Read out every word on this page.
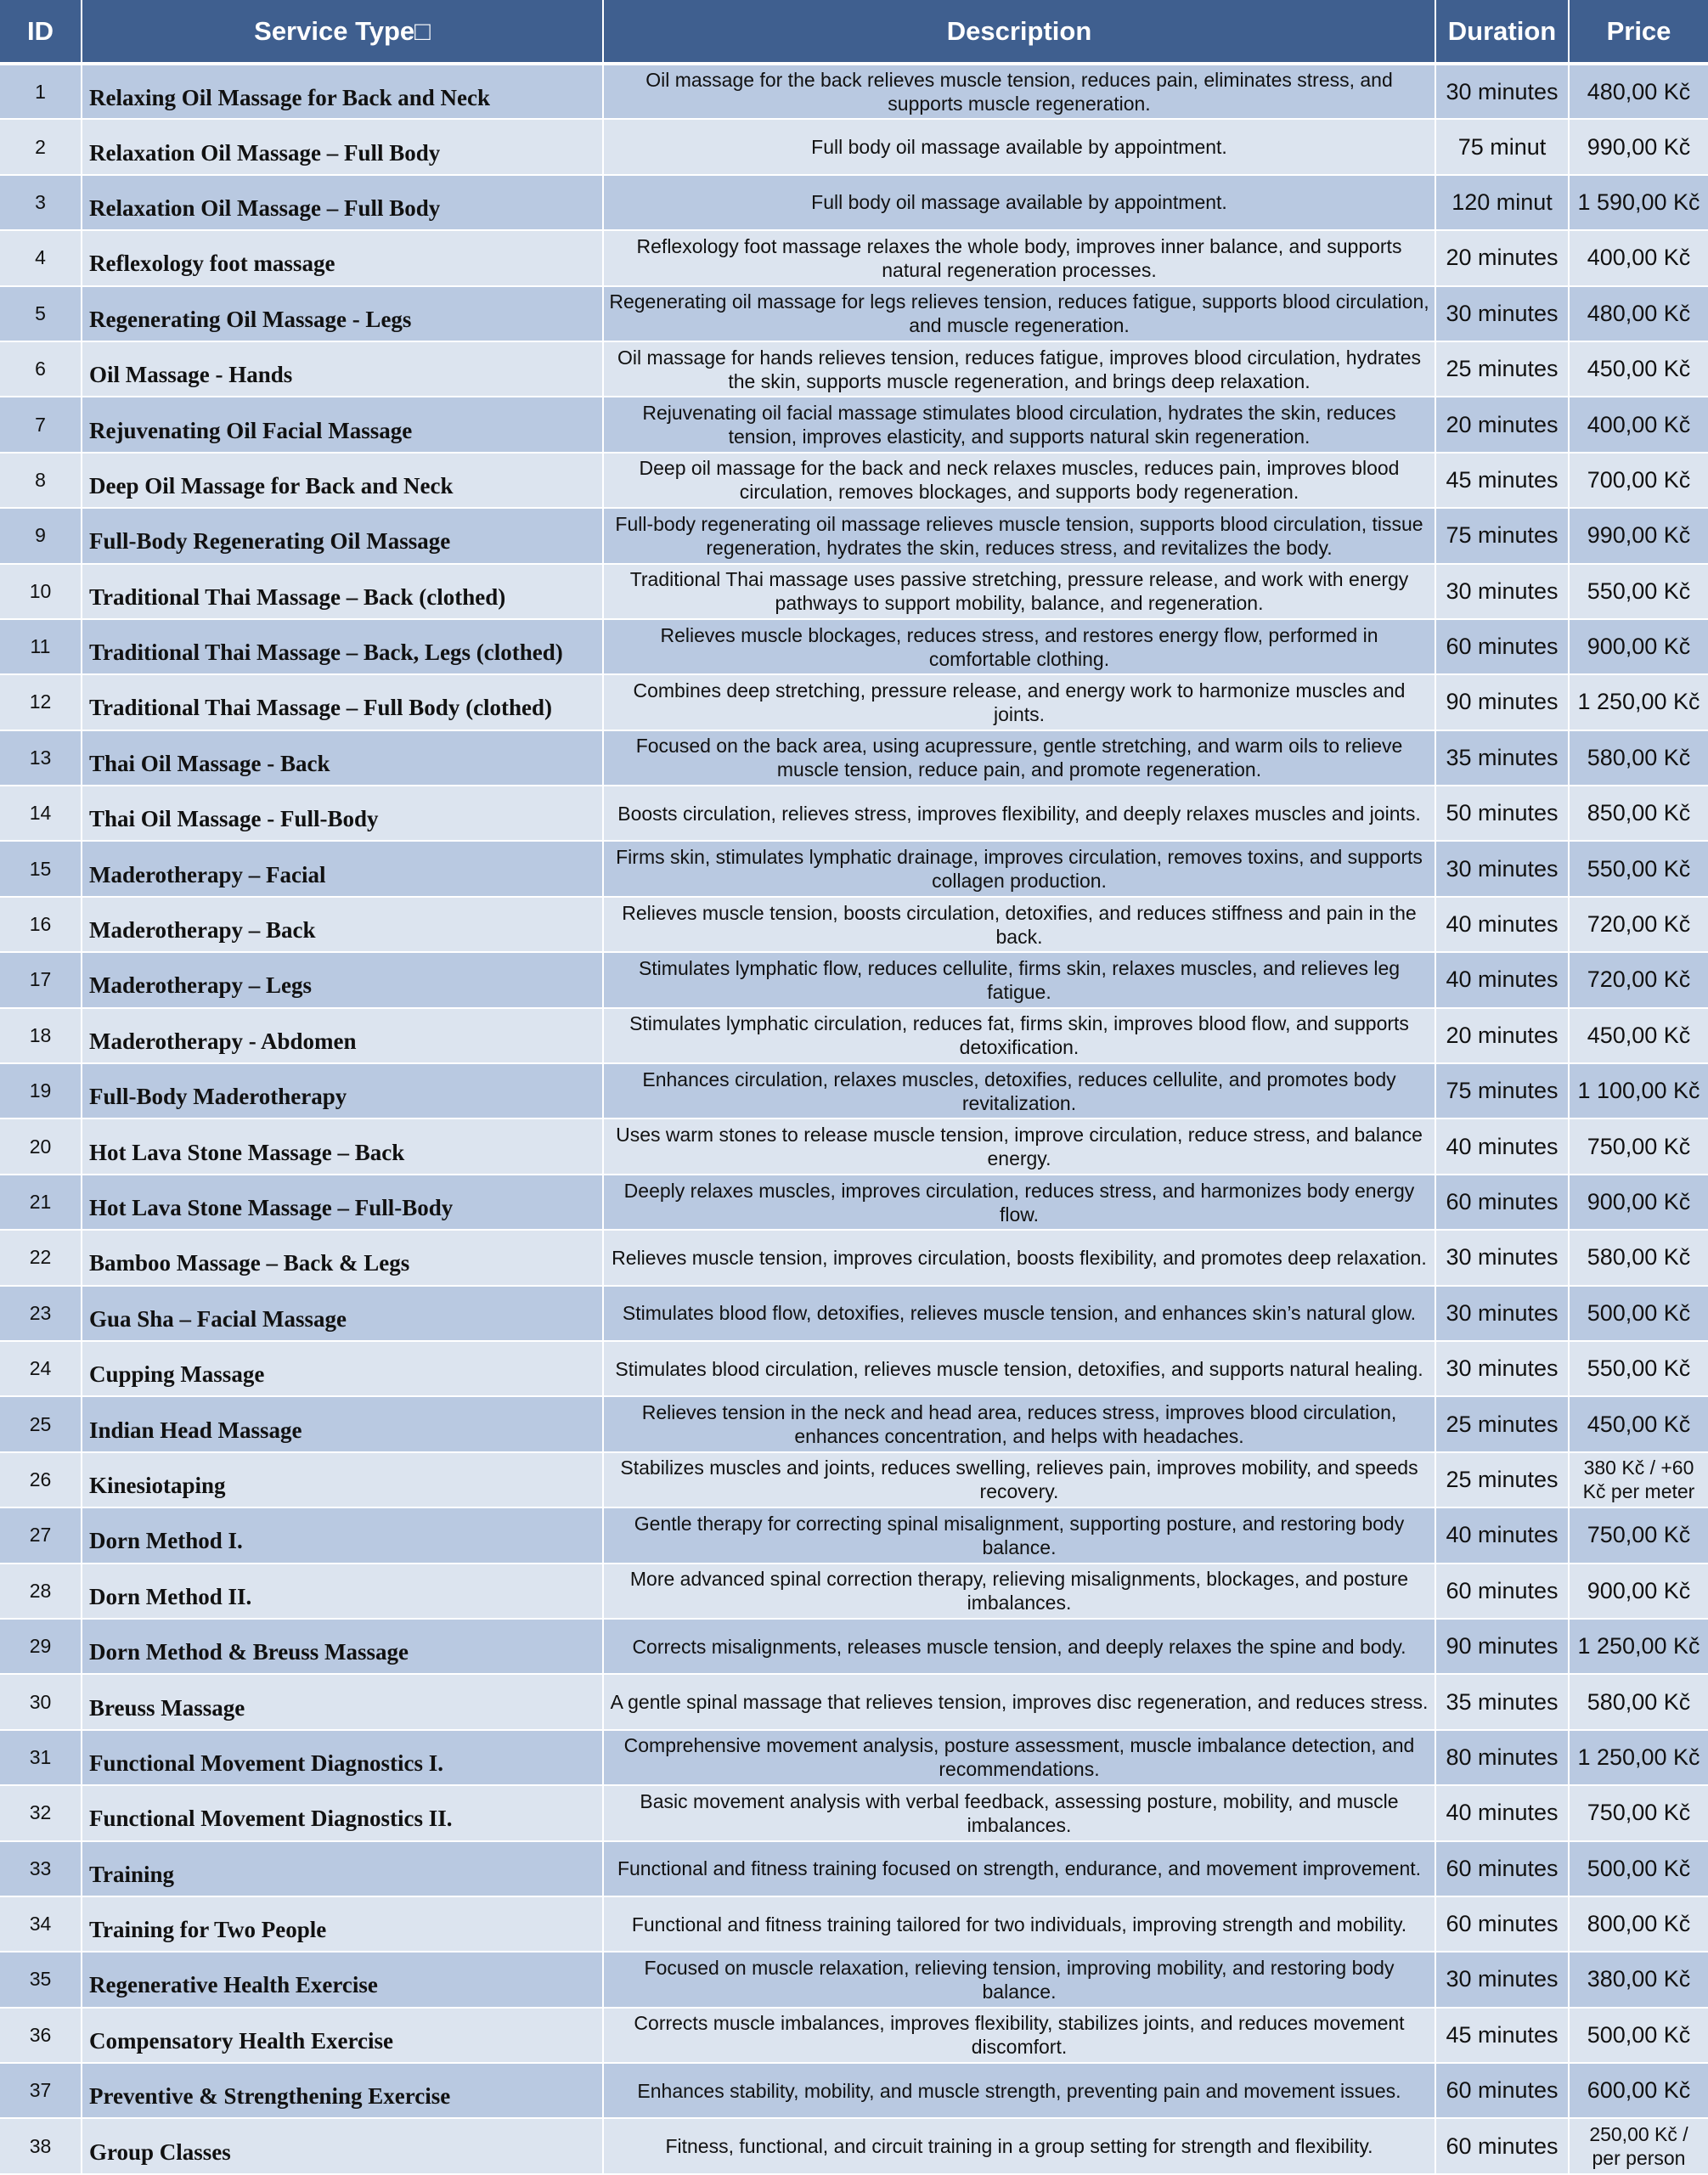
ID	Service Type□	Description	Duration	Price
1	Relaxing Oil Massage for Back and Neck	Oil massage for the back relieves muscle tension, reduces pain, eliminates stress, and supports muscle regeneration.	30 minutes	480,00 Kč
2	Relaxation Oil Massage – Full Body	Full body oil massage available by appointment.	75 minut	990,00 Kč
3	Relaxation Oil Massage – Full Body	Full body oil massage available by appointment.	120 minut	1 590,00 Kč
4	Reflexology foot massage	Reflexology foot massage relaxes the whole body, improves inner balance, and supports natural regeneration processes.	20 minutes	400,00 Kč
5	Regenerating Oil Massage - Legs	Regenerating oil massage for legs relieves tension, reduces fatigue, supports blood circulation, and muscle regeneration.	30 minutes	480,00 Kč
6	Oil Massage - Hands	Oil massage for hands relieves tension, reduces fatigue, improves blood circulation, hydrates the skin, supports muscle regeneration, and brings deep relaxation.	25 minutes	450,00 Kč
7	Rejuvenating Oil Facial Massage	Rejuvenating oil facial massage stimulates blood circulation, hydrates the skin, reduces tension, improves elasticity, and supports natural skin regeneration.	20 minutes	400,00 Kč
8	Deep Oil Massage for Back and Neck	Deep oil massage for the back and neck relaxes muscles, reduces pain, improves blood circulation, removes blockages, and supports body regeneration.	45 minutes	700,00 Kč
9	Full-Body Regenerating Oil Massage	Full-body regenerating oil massage relieves muscle tension, supports blood circulation, tissue regeneration, hydrates the skin, reduces stress, and revitalizes the body.	75 minutes	990,00 Kč
10	Traditional Thai Massage – Back (clothed)	Traditional Thai massage uses passive stretching, pressure release, and work with energy pathways to support mobility, balance, and regeneration.	30 minutes	550,00 Kč
11	Traditional Thai Massage – Back, Legs (clothed)	Relieves muscle blockages, reduces stress, and restores energy flow, performed in comfortable clothing.	60 minutes	900,00 Kč
12	Traditional Thai Massage – Full Body (clothed)	Combines deep stretching, pressure release, and energy work to harmonize muscles and joints.	90 minutes	1 250,00 Kč
13	Thai Oil Massage - Back	Focused on the back area, using acupressure, gentle stretching, and warm oils to relieve muscle tension, reduce pain, and promote regeneration.	35 minutes	580,00 Kč
14	Thai Oil Massage - Full-Body	Boosts circulation, relieves stress, improves flexibility, and deeply relaxes muscles and joints.	50 minutes	850,00 Kč
15	Maderotherapy – Facial	Firms skin, stimulates lymphatic drainage, improves circulation, removes toxins, and supports collagen production.	30 minutes	550,00 Kč
16	Maderotherapy – Back	Relieves muscle tension, boosts circulation, detoxifies, and reduces stiffness and pain in the back.	40 minutes	720,00 Kč
17	Maderotherapy – Legs	Stimulates lymphatic flow, reduces cellulite, firms skin, relaxes muscles, and relieves leg fatigue.	40 minutes	720,00 Kč
18	Maderotherapy - Abdomen	Stimulates lymphatic circulation, reduces fat, firms skin, improves blood flow, and supports detoxification.	20 minutes	450,00 Kč
19	Full-Body Maderotherapy	Enhances circulation, relaxes muscles, detoxifies, reduces cellulite, and promotes body revitalization.	75 minutes	1 100,00 Kč
20	Hot Lava Stone Massage – Back	Uses warm stones to release muscle tension, improve circulation, reduce stress, and balance energy.	40 minutes	750,00 Kč
21	Hot Lava Stone Massage – Full-Body	Deeply relaxes muscles, improves circulation, reduces stress, and harmonizes body energy flow.	60 minutes	900,00 Kč
22	Bamboo Massage – Back & Legs	Relieves muscle tension, improves circulation, boosts flexibility, and promotes deep relaxation.	30 minutes	580,00 Kč
23	Gua Sha – Facial Massage	Stimulates blood flow, detoxifies, relieves muscle tension, and enhances skin’s natural glow.	30 minutes	500,00 Kč
24	Cupping Massage	Stimulates blood circulation, relieves muscle tension, detoxifies, and supports natural healing.	30 minutes	550,00 Kč
25	Indian Head Massage	Relieves tension in the neck and head area, reduces stress, improves blood circulation, enhances concentration, and helps with headaches.	25 minutes	450,00 Kč
26	Kinesiotaping	Stabilizes muscles and joints, reduces swelling, relieves pain, improves mobility, and speeds recovery.	25 minutes	380 Kč / +60 Kč per meter
27	Dorn Method I.	Gentle therapy for correcting spinal misalignment, supporting posture, and restoring body balance.	40 minutes	750,00 Kč
28	Dorn Method II.	More advanced spinal correction therapy, relieving misalignments, blockages, and posture imbalances.	60 minutes	900,00 Kč
29	Dorn Method & Breuss Massage	Corrects misalignments, releases muscle tension, and deeply relaxes the spine and body.	90 minutes	1 250,00 Kč
30	Breuss Massage	A gentle spinal massage that relieves tension, improves disc regeneration, and reduces stress.	35 minutes	580,00 Kč
31	Functional Movement Diagnostics I.	Comprehensive movement analysis, posture assessment, muscle imbalance detection, and recommendations.	80 minutes	1 250,00 Kč
32	Functional Movement Diagnostics II.	Basic movement analysis with verbal feedback, assessing posture, mobility, and muscle imbalances.	40 minutes	750,00 Kč
33	Training	Functional and fitness training focused on strength, endurance, and movement improvement.	60 minutes	500,00 Kč
34	Training for Two People	Functional and fitness training tailored for two individuals, improving strength and mobility.	60 minutes	800,00 Kč
35	Regenerative Health Exercise	Focused on muscle relaxation, relieving tension, improving mobility, and restoring body balance.	30 minutes	380,00 Kč
36	Compensatory Health Exercise	Corrects muscle imbalances, improves flexibility, stabilizes joints, and reduces movement discomfort.	45 minutes	500,00 Kč
37	Preventive & Strengthening Exercise	Enhances stability, mobility, and muscle strength, preventing pain and movement issues.	60 minutes	600,00 Kč
38	Group Classes	Fitness, functional, and circuit training in a group setting for strength and flexibility.	60 minutes	250,00 Kč / per person
